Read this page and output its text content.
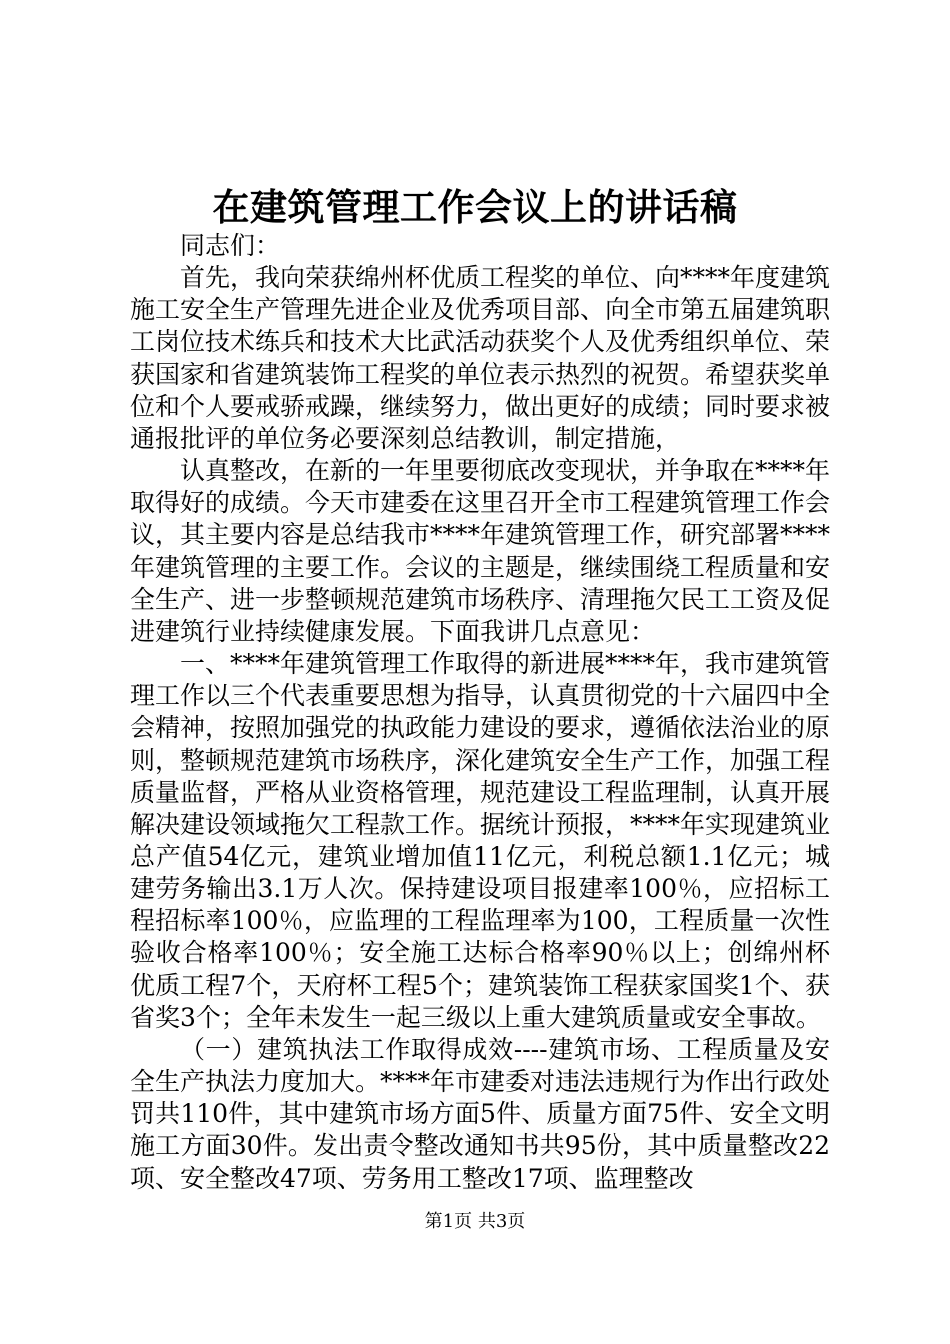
在建筑管理工作会议上的讲话稿

同志们：

首先，我向荣获绵州杯优质工程奖的单位、向****年度建筑施工安全生产管理先进企业及优秀项目部、向全市第五届建筑职工岗位技术练兵和技术大比武活动获奖个人及优秀组织单位、荣获国家和省建筑装饰工程奖的单位表示热烈的祝贺。希望获奖单位和个人要戒骄戒躁，继续努力，做出更好的成绩；同时要求被通报批评的单位务必要深刻总结教训，制定措施，

认真整改，在新的一年里要彻底改变现状，并争取在****年取得好的成绩。今天市建委在这里召开全市工程建筑管理工作会议，其主要内容是总结我市****年建筑管理工作，研究部署****年建筑管理的主要工作。会议的主题是，继续围绕工程质量和安全生产、进一步整顿规范建筑市场秩序、清理拖欠民工工资及促进建筑行业持续健康发展。下面我讲几点意见：

一、****年建筑管理工作取得的新进展****年，我市建筑管理工作以三个代表重要思想为指导，认真贯彻党的十六届四中全会精神，按照加强党的执政能力建设的要求，遵循依法治业的原则，整顿规范建筑市场秩序，深化建筑安全生产工作，加强工程质量监督，严格从业资格管理，规范建设工程监理制，认真开展解决建设领域拖欠工程款工作。据统计预报，****年实现建筑业总产值54亿元，建筑业增加值11亿元，利税总额1.1亿元；城建劳务输出3.1万人次。保持建设项目报建率100％，应招标工程招标率100％，应监理的工程监理率为100，工程质量一次性验收合格率100％；安全施工达标合格率90％以上；创绵州杯优质工程7个，天府杯工程5个；建筑装饰工程获家国奖1个、获省奖3个；全年未发生一起三级以上重大建筑质量或安全事故。

（一）建筑执法工作取得成效----建筑市场、工程质量及安全生产执法力度加大。****年市建委对违法违规行为作出行政处罚共110件，其中建筑市场方面5件、质量方面75件、安全文明施工方面30件。发出责令整改通知书共95份，其中质量整改22项、安全整改47项、劳务用工整改17项、监理整改

第1页 共3页
